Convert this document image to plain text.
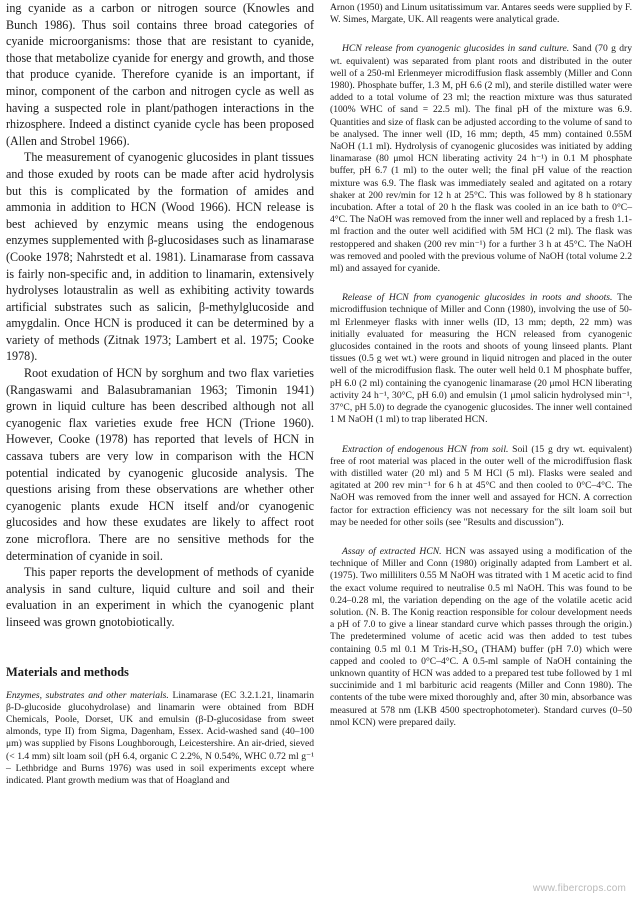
ing cyanide as a carbon or nitrogen source (Knowles and Bunch 1986). Thus soil contains three broad categories of cyanide microorganisms: those that are resistant to cyanide, those that metabolize cyanide for energy and growth, and those that produce cyanide. Therefore cyanide is an important, if minor, component of the carbon and nitrogen cycle as well as having a suspected role in plant/pathogen interactions in the rhizosphere. Indeed a distinct cyanide cycle has been proposed (Allen and Strobel 1966).

The measurement of cyanogenic glucosides in plant tissues and those exuded by roots can be made after acid hydrolysis but this is complicated by the formation of amides and ammonia in addition to HCN (Wood 1966). HCN release is best achieved by enzymic means using the endogenous enzymes supplemented with β-glucosidases such as linamarase (Cooke 1978; Nahrstedt et al. 1981). Linamarase from cassava is fairly non-specific and, in addition to linamarin, extensively hydrolyses lotaustralin as well as exhibiting activity towards artificial substrates such as salicin, β-methylglucoside and amygdalin. Once HCN is produced it can be determined by a variety of methods (Zitnak 1973; Lambert et al. 1975; Cooke 1978).

Root exudation of HCN by sorghum and two flax varieties (Rangaswami and Balasubramanian 1963; Timonin 1941) grown in liquid culture has been described although not all cyanogenic flax varieties exude free HCN (Trione 1960). However, Cooke (1978) has reported that levels of HCN in cassava tubers are very low in comparison with the HCN potential indicated by cyanogenic glucoside analysis. The questions arising from these observations are whether other cyanogenic plants exude HCN itself and/or cyanogenic glucosides and how these exudates are likely to affect root zone microflora. There are no sensitive methods for the determination of cyanide in soil.

This paper reports the development of methods of cyanide analysis in sand culture, liquid culture and soil and their evaluation in an experiment in which the cyanogenic plant linseed was grown gnotobiotically.

Materials and methods

Enzymes, substrates and other materials. Linamarase (EC 3.2.1.21, linamarin β-D-glucoside glucohydrolase) and linamarin were obtained from BDH Chemicals, Poole, Dorset, UK and emulsin (β-D-glucosidase from sweet almonds, type II) from Sigma, Dagenham, Essex. Acid-washed sand (40–100 μm) was supplied by Fisons Loughborough, Leicestershire. An air-dried, sieved (< 1.4 mm) silt loam soil (pH 6.4, organic C 2.2%, N 0.54%, WHC 0.72 ml g⁻¹ – Lethbridge and Burns 1976) was used in soil experiments except where indicated. Plant growth medium was that of Hoagland and

Arnon (1950) and Linum usitatissimum var. Antares seeds were supplied by F. W. Simes, Margate, UK. All reagents were analytical grade.

HCN release from cyanogenic glucosides in sand culture. Sand (70 g dry wt. equivalent) was separated from plant roots and distributed in the outer well of a 250-ml Erlenmeyer microdiffusion flask assembly (Miller and Conn 1980). Phosphate buffer, 1.3 M, pH 6.6 (2 ml), and sterile distilled water were added to a total volume of 23 ml; the reaction mixture was thus saturated (100% WHC of sand = 22.5 ml). The final pH of the mixture was 6.9. Quantities and size of flask can be adjusted according to the volume of sand to be analysed. The inner well (ID, 16 mm; depth, 45 mm) contained 0.55M NaOH (1.1 ml). Hydrolysis of cyanogenic glucosides was initiated by adding linamarase (80 μmol HCN liberating activity 24 h⁻¹) in 0.1 M phosphate buffer, pH 6.7 (1 ml) to the outer well; the final pH value of the reaction mixture was 6.9. The flask was immediately sealed and agitated on a rotary shaker at 200 rev/min for 12 h at 25°C. This was followed by 8 h stationary incubation. After a total of 20 h the flask was cooled in an ice bath to 0°C–4°C. The NaOH was removed from the inner well and replaced by a fresh 1.1-ml fraction and the outer well acidified with 5M HCl (2 ml). The flask was restoppered and shaken (200 rev min⁻¹) for a further 3 h at 45°C. The NaOH was removed and pooled with the previous volume of NaOH (total volume 2.2 ml) and assayed for cyanide.

Release of HCN from cyanogenic glucosides in roots and shoots. The microdiffusion technique of Miller and Conn (1980), involving the use of 50-ml Erlenmeyer flasks with inner wells (ID, 13 mm; depth, 22 mm) was initially evaluated for measuring the HCN released from cyanogenic glucosides contained in the roots and shoots of young linseed plants. Plant tissues (0.5 g wet wt.) were ground in liquid nitrogen and placed in the outer well of the microdiffusion flask. The outer well held 0.1 M phosphate buffer, pH 6.0 (2 ml) containing the cyanogenic linamarase (20 μmol HCN liberating activity 24 h⁻¹, 30°C, pH 6.0) and emulsin (1 μmol salicin hydrolysed min⁻¹, 37°C, pH 5.0) to degrade the cyanogenic glucosides. The inner well contained 1 M NaOH (1 ml) to trap liberated HCN.

Extraction of endogenous HCN from soil. Soil (15 g dry wt. equivalent) free of root material was placed in the outer well of the microdiffusion flask with distilled water (20 ml) and 5 M HCl (5 ml). Flasks were sealed and agitated at 200 rev min⁻¹ for 6 h at 45°C and then cooled to 0°C–4°C. The NaOH was removed from the inner well and assayed for HCN. A correction factor for extraction efficiency was not necessary for the silt loam soil but may be needed for other soils (see "Results and discussion").

Assay of extracted HCN. HCN was assayed using a modification of the technique of Miller and Conn (1980) originally adapted from Lambert et al. (1975). Two milliliters 0.55 M NaOH was titrated with 1 M acetic acid to find the exact volume required to neutralise 0.5 ml NaOH. This was found to be 0.24–0.28 ml, the variation depending on the age of the volatile acetic acid solution. (N. B. The Konig reaction responsible for colour development needs a pH of 7.0 to give a linear standard curve which passes through the origin.) The predetermined volume of acetic acid was then added to test tubes containing 0.5 ml 0.1 M Tris-H₂SO₄ (THAM) buffer (pH 7.0) which were capped and cooled to 0°C–4°C. A 0.5-ml sample of NaOH containing the unknown quantity of HCN was added to a prepared test tube followed by 1 ml succinimide and 1 ml barbituric acid reagents (Miller and Conn 1980). The contents of the tube were mixed thoroughly and, after 30 min, absorbance was measured at 578 nm (LKB 4500 spectrophotometer). Standard curves (0–50 nmol KCN) were prepared daily.

www.fibercrops.com
